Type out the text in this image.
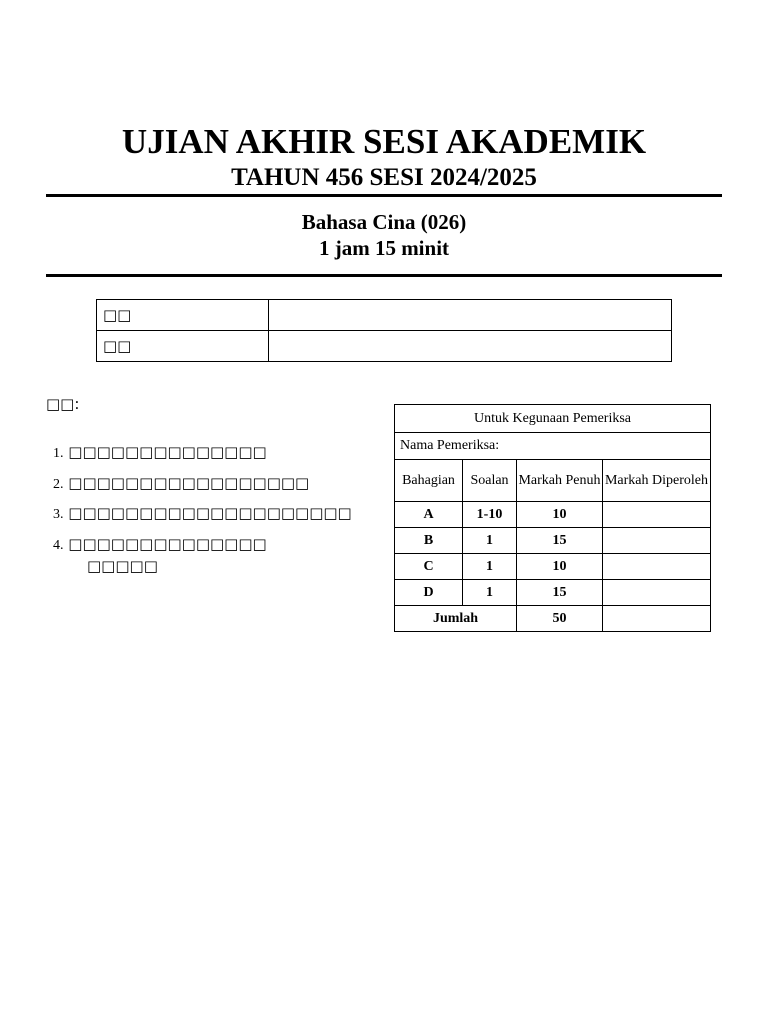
UJIAN AKHIR SESI AKADEMIK
TAHUN 456 SESI 2024/2025
Bahasa Cina (026)
1 jam 15 minit
□□	
□□	
□□:
1. □□□□□□□□□□□□□□
2. □□□□□□□□□□□□□□□□□
3. □□□□□□□□□□□□□□□□□□□□
4. □□□□□□□□□□□□□□
□□□□□
Untuk Kegunaan Pemeriksa			
Nama Pemeriksa:			
Bahagian	Soalan	Markah Penuh	Markah Diperoleh
A	1-10	10	
B	1	15	
C	1	10	
D	1	15	
Jumlah		50	
